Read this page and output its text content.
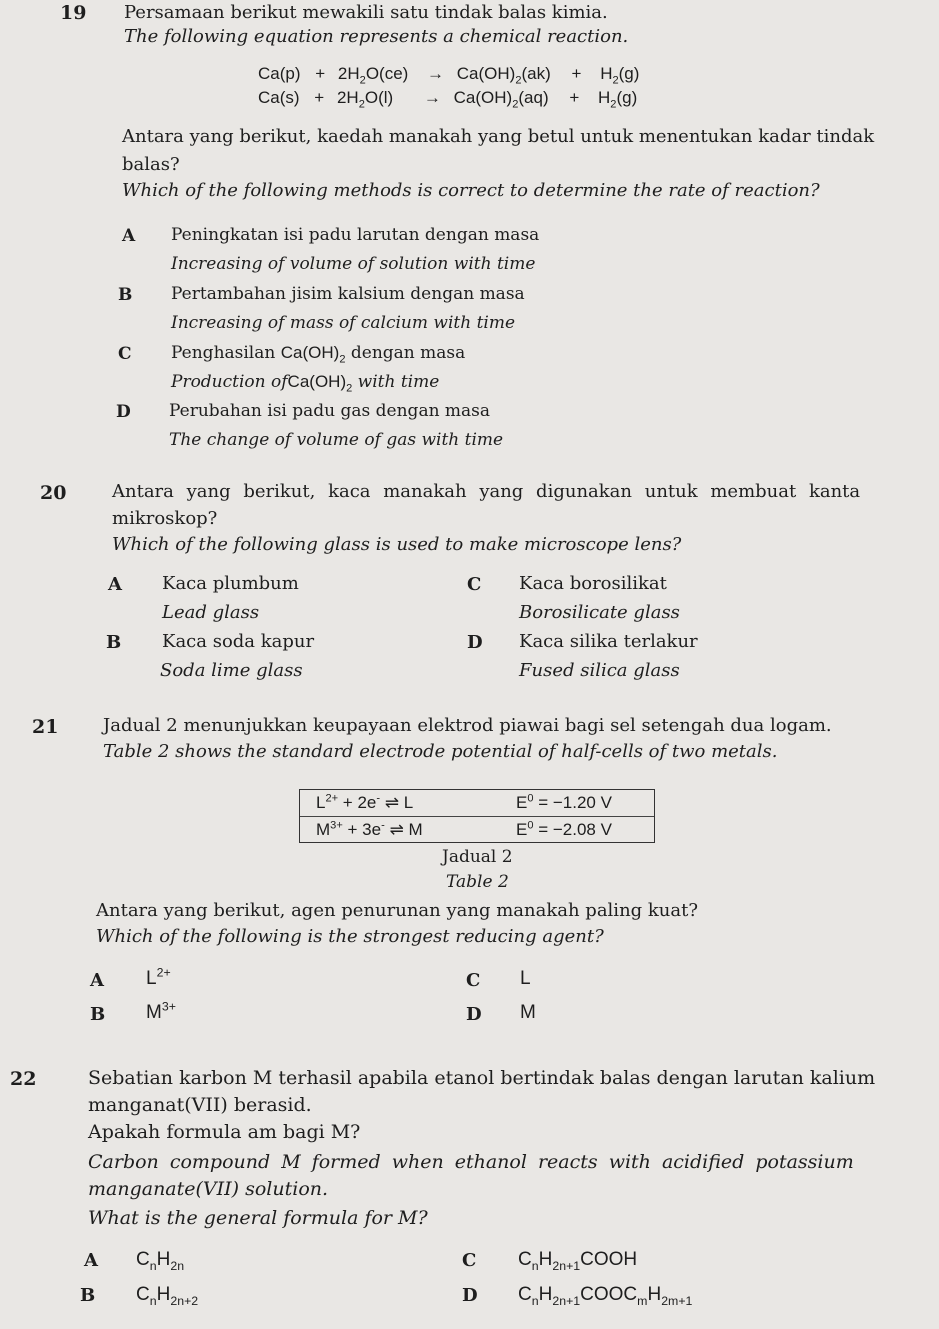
19 Persamaan berikut mewakili satu tindak balas kimia.
The following equation represents a chemical reaction.
$Ca(p) + 2H_2O(ce) \to Ca(OH)_2(ak) + H_2(g)$
$Ca(s) + 2H_2O(l) \to Ca(OH)_2(aq) + H_2(g)$
Antara yang berikut, kaedah manakah yang betul untuk menentukan kadar tindak
balas?
Which of the following methods is correct to determine the rate of reaction?
A Peningkatan isi padu larutan dengan masa
Increasing of volume of solution with time
B Pertambahan jisim kalsium dengan masa
Increasing of mass of calcium with time
C Penghasilan $Ca(OH)_2$ dengan masa
Production $ofCa(OH)_2$ with time
D Perubahan isi padu gas dengan masa
The change of volume of gas with time
20	Antara yang berikut, kaca manakah yang digunakan untuk membuat kanta
mikroskop?
Which of the following glass is used to make microscope lens?
A Kaca plumbum
Lead glass
B Kaca soda kapur
Soda lime glass
C Kaca borosilikat
Borosilicate glass
D Kaca silika terlakur
Fused silica glass
21 Jadual 2 menunjukkan keupayaan elektrod piawai bagi sel setengah dua logam.
Table 2 shows the standard electrode potential of half-cells of two metals.
$L^{2+} + 2e^-$ ⇌ L	$E^0 = -1.20$ V
$M^{3+} + 3e^-$ ⇌ M	$E^0 = -2.08$ V
Jadual 2
Table 2
Antara yang berikut, agen penurunan yang manakah paling kuat?
Which of the following is the strongest reducing agent?
A $L^{2+}$
B $M^{3+}$
C L
D M
22	Sebatian karbon M terhasil apabila etanol bertindak balas dengan larutan kalium
manganat(VII) berasid.
Apakah formula am bagi M?
Carbon compound M formed when ethanol reacts with acidified potassium
manganate(VII) solution.
What is the general formula for M?
A $C_nH_{2n}$
B $C_nH_{2n+2}$
C $C_nH_{2n+1}COOH$
D $C_nH_{2n+1}COOC_mH_{2m+1}$
